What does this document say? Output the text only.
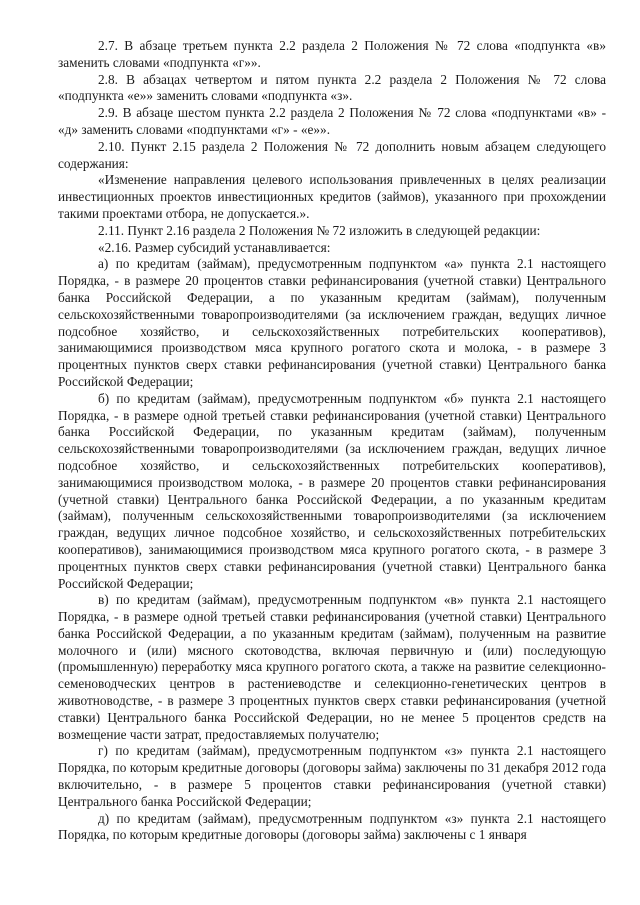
2.7. В абзаце третьем пункта 2.2 раздела 2 Положения № 72 слова «подпункта «в» заменить словами «подпункта «г»».

2.8. В абзацах четвертом и пятом пункта 2.2 раздела 2 Положения № 72 слова «подпункта «е»» заменить словами «подпункта «з».

2.9. В абзаце шестом пункта 2.2 раздела 2 Положения № 72 слова «подпунктами «в» - «д» заменить словами «подпунктами «г» - «е»».

2.10. Пункт 2.15 раздела 2 Положения № 72 дополнить новым абзацем следующего содержания:

«Изменение направления целевого использования привлеченных в целях реализации инвестиционных проектов инвестиционных кредитов (займов), указанного при прохождении такими проектами отбора, не допускается.».

2.11. Пункт 2.16 раздела 2 Положения № 72 изложить в следующей редакции:

«2.16. Размер субсидий устанавливается:

а) по кредитам (займам), предусмотренным подпунктом «а» пункта 2.1 настоящего Порядка, - в размере 20 процентов ставки рефинансирования (учетной ставки) Центрального банка Российской Федерации, а по указанным кредитам (займам), полученным сельскохозяйственными товаропроизводителями (за исключением граждан, ведущих личное подсобное хозяйство, и сельскохозяйственных потребительских кооперативов), занимающимися производством мяса крупного рогатого скота и молока, - в размере 3 процентных пунктов сверх ставки рефинансирования (учетной ставки) Центрального банка Российской Федерации;

б) по кредитам (займам), предусмотренным подпунктом «б» пункта 2.1 настоящего Порядка, - в размере одной третьей ставки рефинансирования (учетной ставки) Центрального банка Российской Федерации, по указанным кредитам (займам), полученным сельскохозяйственными товаропроизводителями (за исключением граждан, ведущих личное подсобное хозяйство, и сельскохозяйственных потребительских кооперативов), занимающимися производством молока, - в размере 20 процентов ставки рефинансирования (учетной ставки) Центрального банка Российской Федерации, а по указанным кредитам (займам), полученным сельскохозяйственными товаропроизводителями (за исключением граждан, ведущих личное подсобное хозяйство, и сельскохозяйственных потребительских кооперативов), занимающимися производством мяса крупного рогатого скота, - в размере 3 процентных пунктов сверх ставки рефинансирования (учетной ставки) Центрального банка Российской Федерации;

в) по кредитам (займам), предусмотренным подпунктом «в» пункта 2.1 настоящего Порядка, - в размере одной третьей ставки рефинансирования (учетной ставки) Центрального банка Российской Федерации, а по указанным кредитам (займам), полученным на развитие молочного и (или) мясного скотоводства, включая первичную и (или) последующую (промышленную) переработку мяса крупного рогатого скота, а также на развитие селекционно-семеноводческих центров в растениеводстве и селекционно-генетических центров в животноводстве, - в размере 3 процентных пунктов сверх ставки рефинансирования (учетной ставки) Центрального банка Российской Федерации, но не менее 5 процентов средств на возмещение части затрат, предоставляемых получателю;

г) по кредитам (займам), предусмотренным подпунктом «з» пункта 2.1 настоящего Порядка, по которым кредитные договоры (договоры займа) заключены по 31 декабря 2012 года включительно, - в размере 5 процентов ставки рефинансирования (учетной ставки) Центрального банка Российской Федерации;

д) по кредитам (займам), предусмотренным подпунктом «з» пункта 2.1 настоящего Порядка, по которым кредитные договоры (договоры займа) заключены с 1 января
